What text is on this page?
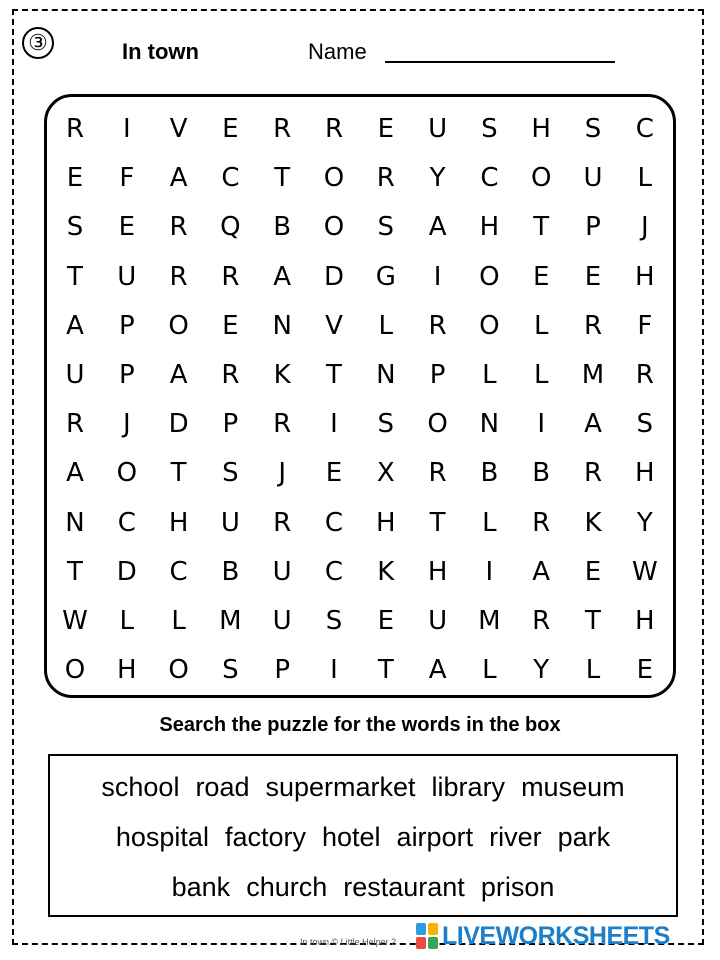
③	In town	Name
R	I	V	E	R	R	E	U	S	H	S	C
E	F	A	C	T	O	R	Y	C	O	U	L
S	E	R	Q	B	O	S	A	H	T	P	J
T	U	R	R	A	D	G	I	O	E	E	H
A	P	O	E	N	V	L	R	O	L	R	F
U	P	A	R	K	T	N	P	L	L	M	R
R	J	D	P	R	I	S	O	N	I	A	S
A	O	T	S	J	E	X	R	B	B	R	H
N	C	H	U	R	C	H	T	L	R	K	Y
T	D	C	B	U	C	K	H	I	A	E	W
W	L	L	M	U	S	E	U	M	R	T	H
O	H	O	S	P	I	T	A	L	Y	L	E
Search the puzzle for the words in the box
school road supermarket library museum
hospital factory hotel airport river park
bank church restaurant prison
In town © Little Helper 2 LIVEWORKSHEETS
